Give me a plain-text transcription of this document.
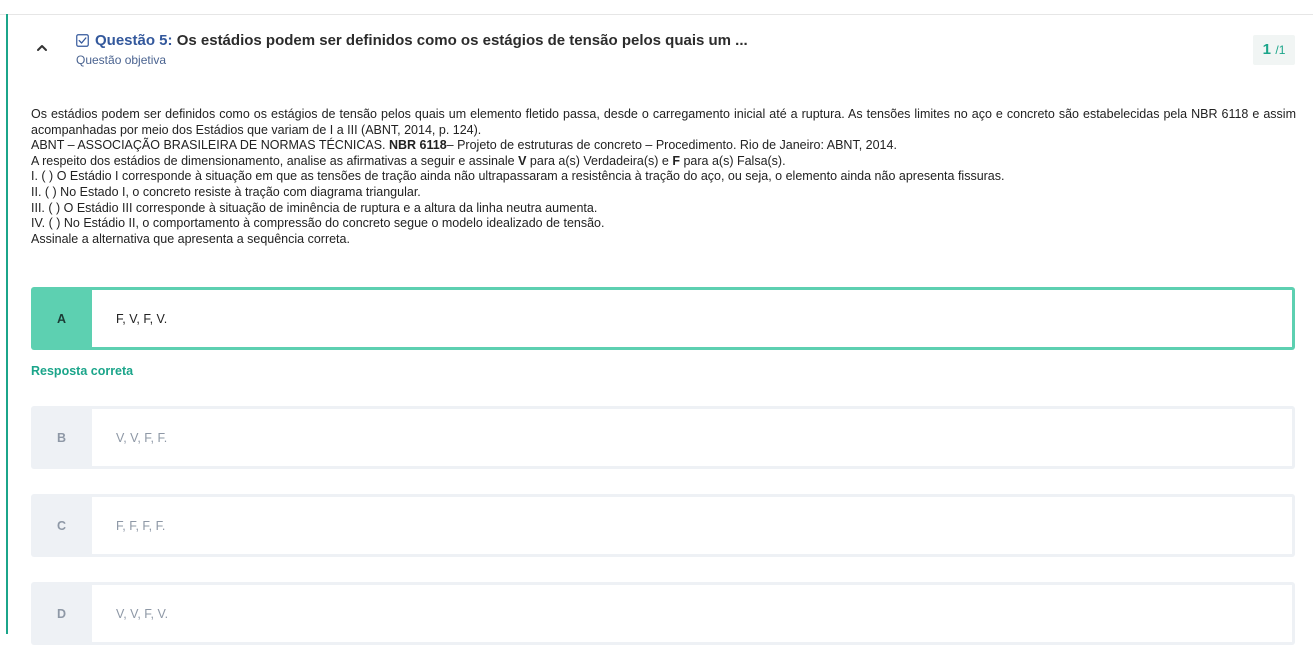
Questão 5: Os estádios podem ser definidos como os estágios de tensão pelos quais um ...
Questão objetiva
1 /1

Os estádios podem ser definidos como os estágios de tensão pelos quais um elemento fletido passa, desde o carregamento inicial até a ruptura. As tensões limites no aço e concreto são estabelecidas pela NBR 6118 e assim acompanhadas por meio dos Estádios que variam de I a III (ABNT, 2014, p. 124).

ABNT – ASSOCIAÇÃO BRASILEIRA DE NORMAS TÉCNICAS. NBR 6118– Projeto de estruturas de concreto – Procedimento. Rio de Janeiro: ABNT, 2014.

A respeito dos estádios de dimensionamento, analise as afirmativas a seguir e assinale V para a(s) Verdadeira(s) e F para a(s) Falsa(s).

I. ( ) O Estádio I corresponde à situação em que as tensões de tração ainda não ultrapassaram a resistência à tração do aço, ou seja, o elemento ainda não apresenta fissuras.

II. ( ) No Estado I, o concreto resiste à tração com diagrama triangular.

III. ( ) O Estádio III corresponde à situação de iminência de ruptura e a altura da linha neutra aumenta.

IV. ( ) No Estádio II, o comportamento à compressão do concreto segue o modelo idealizado de tensão.

Assinale a alternativa que apresenta a sequência correta.

A	F, V, F, V.
Resposta correta
B	V, V, F, F.
C	F, F, F, F.
D	V, V, F, V.
